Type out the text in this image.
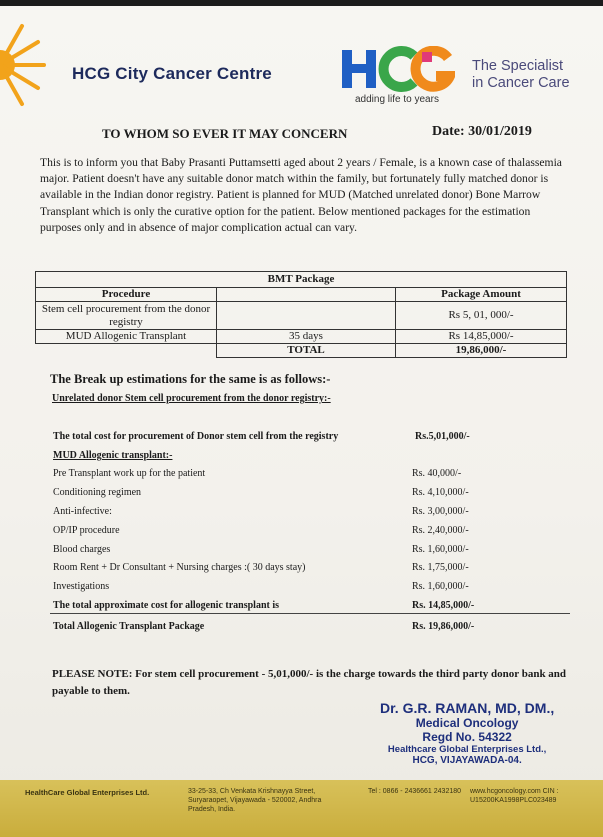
HCG City Cancer Centre
adding life to years
The Specialist
in Cancer Care
TO WHOM SO EVER IT MAY CONCERN	Date: 30/01/2019
This is to inform you that Baby Prasanti Puttamsetti aged about 2 years / Female, is a known case of thalassemia major. Patient doesn't have any suitable donor match within the family, but fortunately fully matched donor is available in the Indian donor registry. Patient is planned for MUD (Matched unrelated donor) Bone Marrow Transplant which is only the curative option for the patient. Below mentioned packages for the estimation purposes only and in absence of major complication actual can vary.
BMT Package		
Procedure		Package Amount
Stem cell procurement from the donor registry		Rs 5, 01, 000/-
MUD Allogenic Transplant	35 days	Rs 14,85,000/-
	TOTAL	19,86,000/-
The Break up estimations for the same is as follows:-
Unrelated donor Stem cell procurement from the donor registry:-
The total cost for procurement of Donor stem cell from the registry	Rs.5,01,000/-
MUD Allogenic transplant:-
Pre Transplant work up for the patient	Rs. 40,000/-
Conditioning regimen	Rs. 4,10,000/-
Anti-infective:	Rs. 3,00,000/-
OP/IP procedure	Rs. 2,40,000/-
Blood charges	Rs. 1,60,000/-
Room Rent + Dr Consultant + Nursing charges :( 30 days stay)	Rs. 1,75,000/-
Investigations	Rs. 1,60,000/-
The total approximate cost for allogenic transplant is	Rs. 14,85,000/-
Total Allogenic Transplant Package	Rs. 19,86,000/-
PLEASE NOTE: For stem cell procurement - 5,01,000/- is the charge towards the third party donor bank and payable to them.
Dr. G.R. RAMAN, MD, DM.,
Medical Oncology
Regd No. 54322
Healthcare Global Enterprises Ltd.,
HCG, VIJAYAWADA-04.
HealthCare Global Enterprises Ltd.	33-25-33, Ch Venkata Krishnayya Street, Suryaraopet, Vijayawada - 520002, Andhra Pradesh, India.
Tel : 0866 - 2436661 2432180	www.hcgoncology.com CIN : U15200KA1998PLC023489
